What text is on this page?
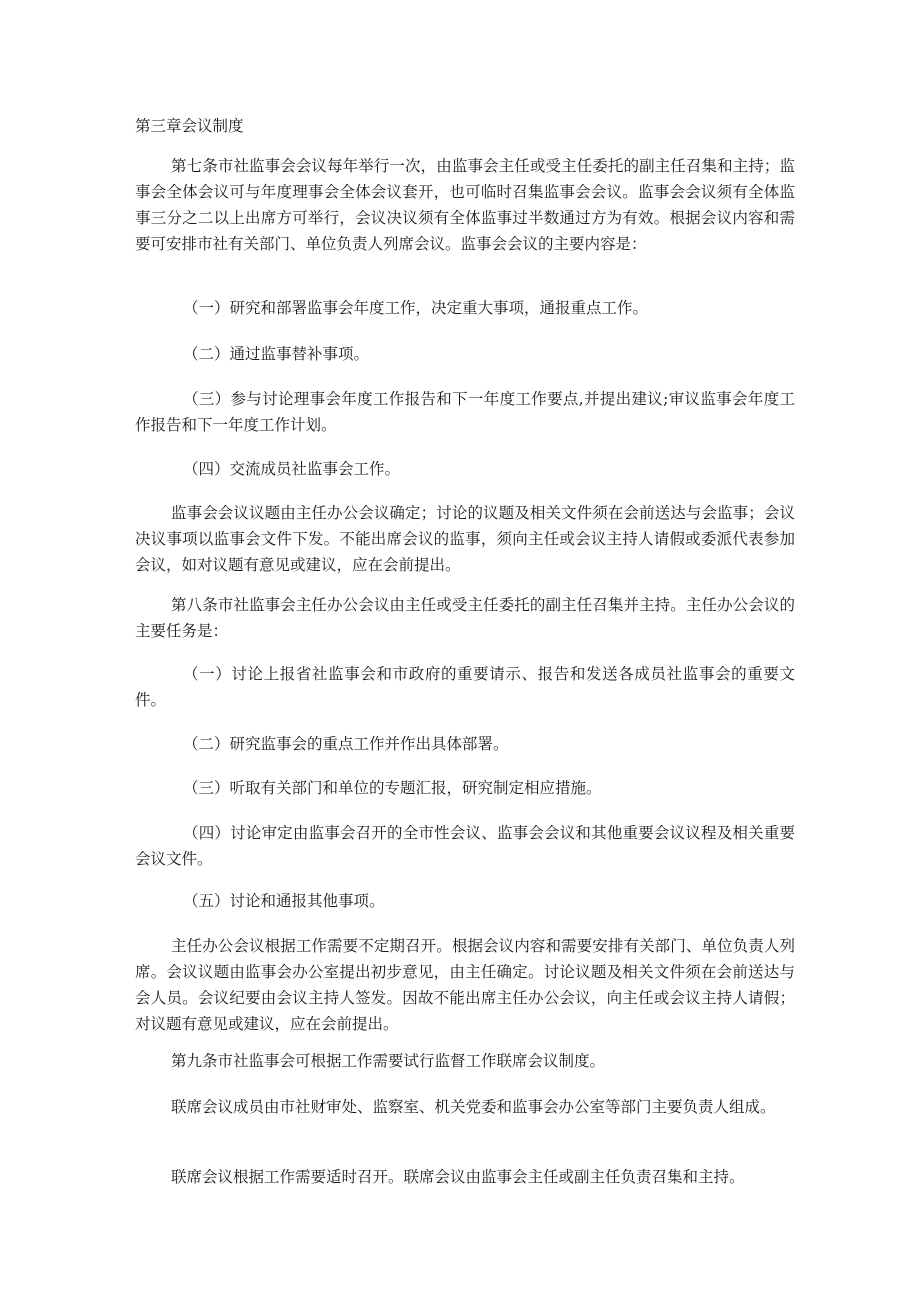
第三章会议制度

第七条市社监事会会议每年举行一次，由监事会主任或受主任委托的副主任召集和主持；监事会全体会议可与年度理事会全体会议套开，也可临时召集监事会会议。监事会会议须有全体监事三分之二以上出席方可举行，会议决议须有全体监事过半数通过方为有效。根据会议内容和需要可安排市社有关部门、单位负责人列席会议。监事会会议的主要内容是：

（一）研究和部署监事会年度工作，决定重大事项，通报重点工作。

（二）通过监事替补事项。

（三）参与讨论理事会年度工作报告和下一年度工作要点,并提出建议;审议监事会年度工作报告和下一年度工作计划。

（四）交流成员社监事会工作。

监事会会议议题由主任办公会议确定；讨论的议题及相关文件须在会前送达与会监事；会议决议事项以监事会文件下发。不能出席会议的监事，须向主任或会议主持人请假或委派代表参加会议，如对议题有意见或建议，应在会前提出。

第八条市社监事会主任办公会议由主任或受主任委托的副主任召集并主持。主任办公会议的主要任务是：

（一）讨论上报省社监事会和市政府的重要请示、报告和发送各成员社监事会的重要文件。

（二）研究监事会的重点工作并作出具体部署。

（三）听取有关部门和单位的专题汇报，研究制定相应措施。

（四）讨论审定由监事会召开的全市性会议、监事会会议和其他重要会议议程及相关重要会议文件。

（五）讨论和通报其他事项。

主任办公会议根据工作需要不定期召开。根据会议内容和需要安排有关部门、单位负责人列席。会议议题由监事会办公室提出初步意见，由主任确定。讨论议题及相关文件须在会前送达与会人员。会议纪要由会议主持人签发。因故不能出席主任办公会议，向主任或会议主持人请假；对议题有意见或建议，应在会前提出。

第九条市社监事会可根据工作需要试行监督工作联席会议制度。

联席会议成员由市社财审处、监察室、机关党委和监事会办公室等部门主要负责人组成。

联席会议根据工作需要适时召开。联席会议由监事会主任或副主任负责召集和主持。
